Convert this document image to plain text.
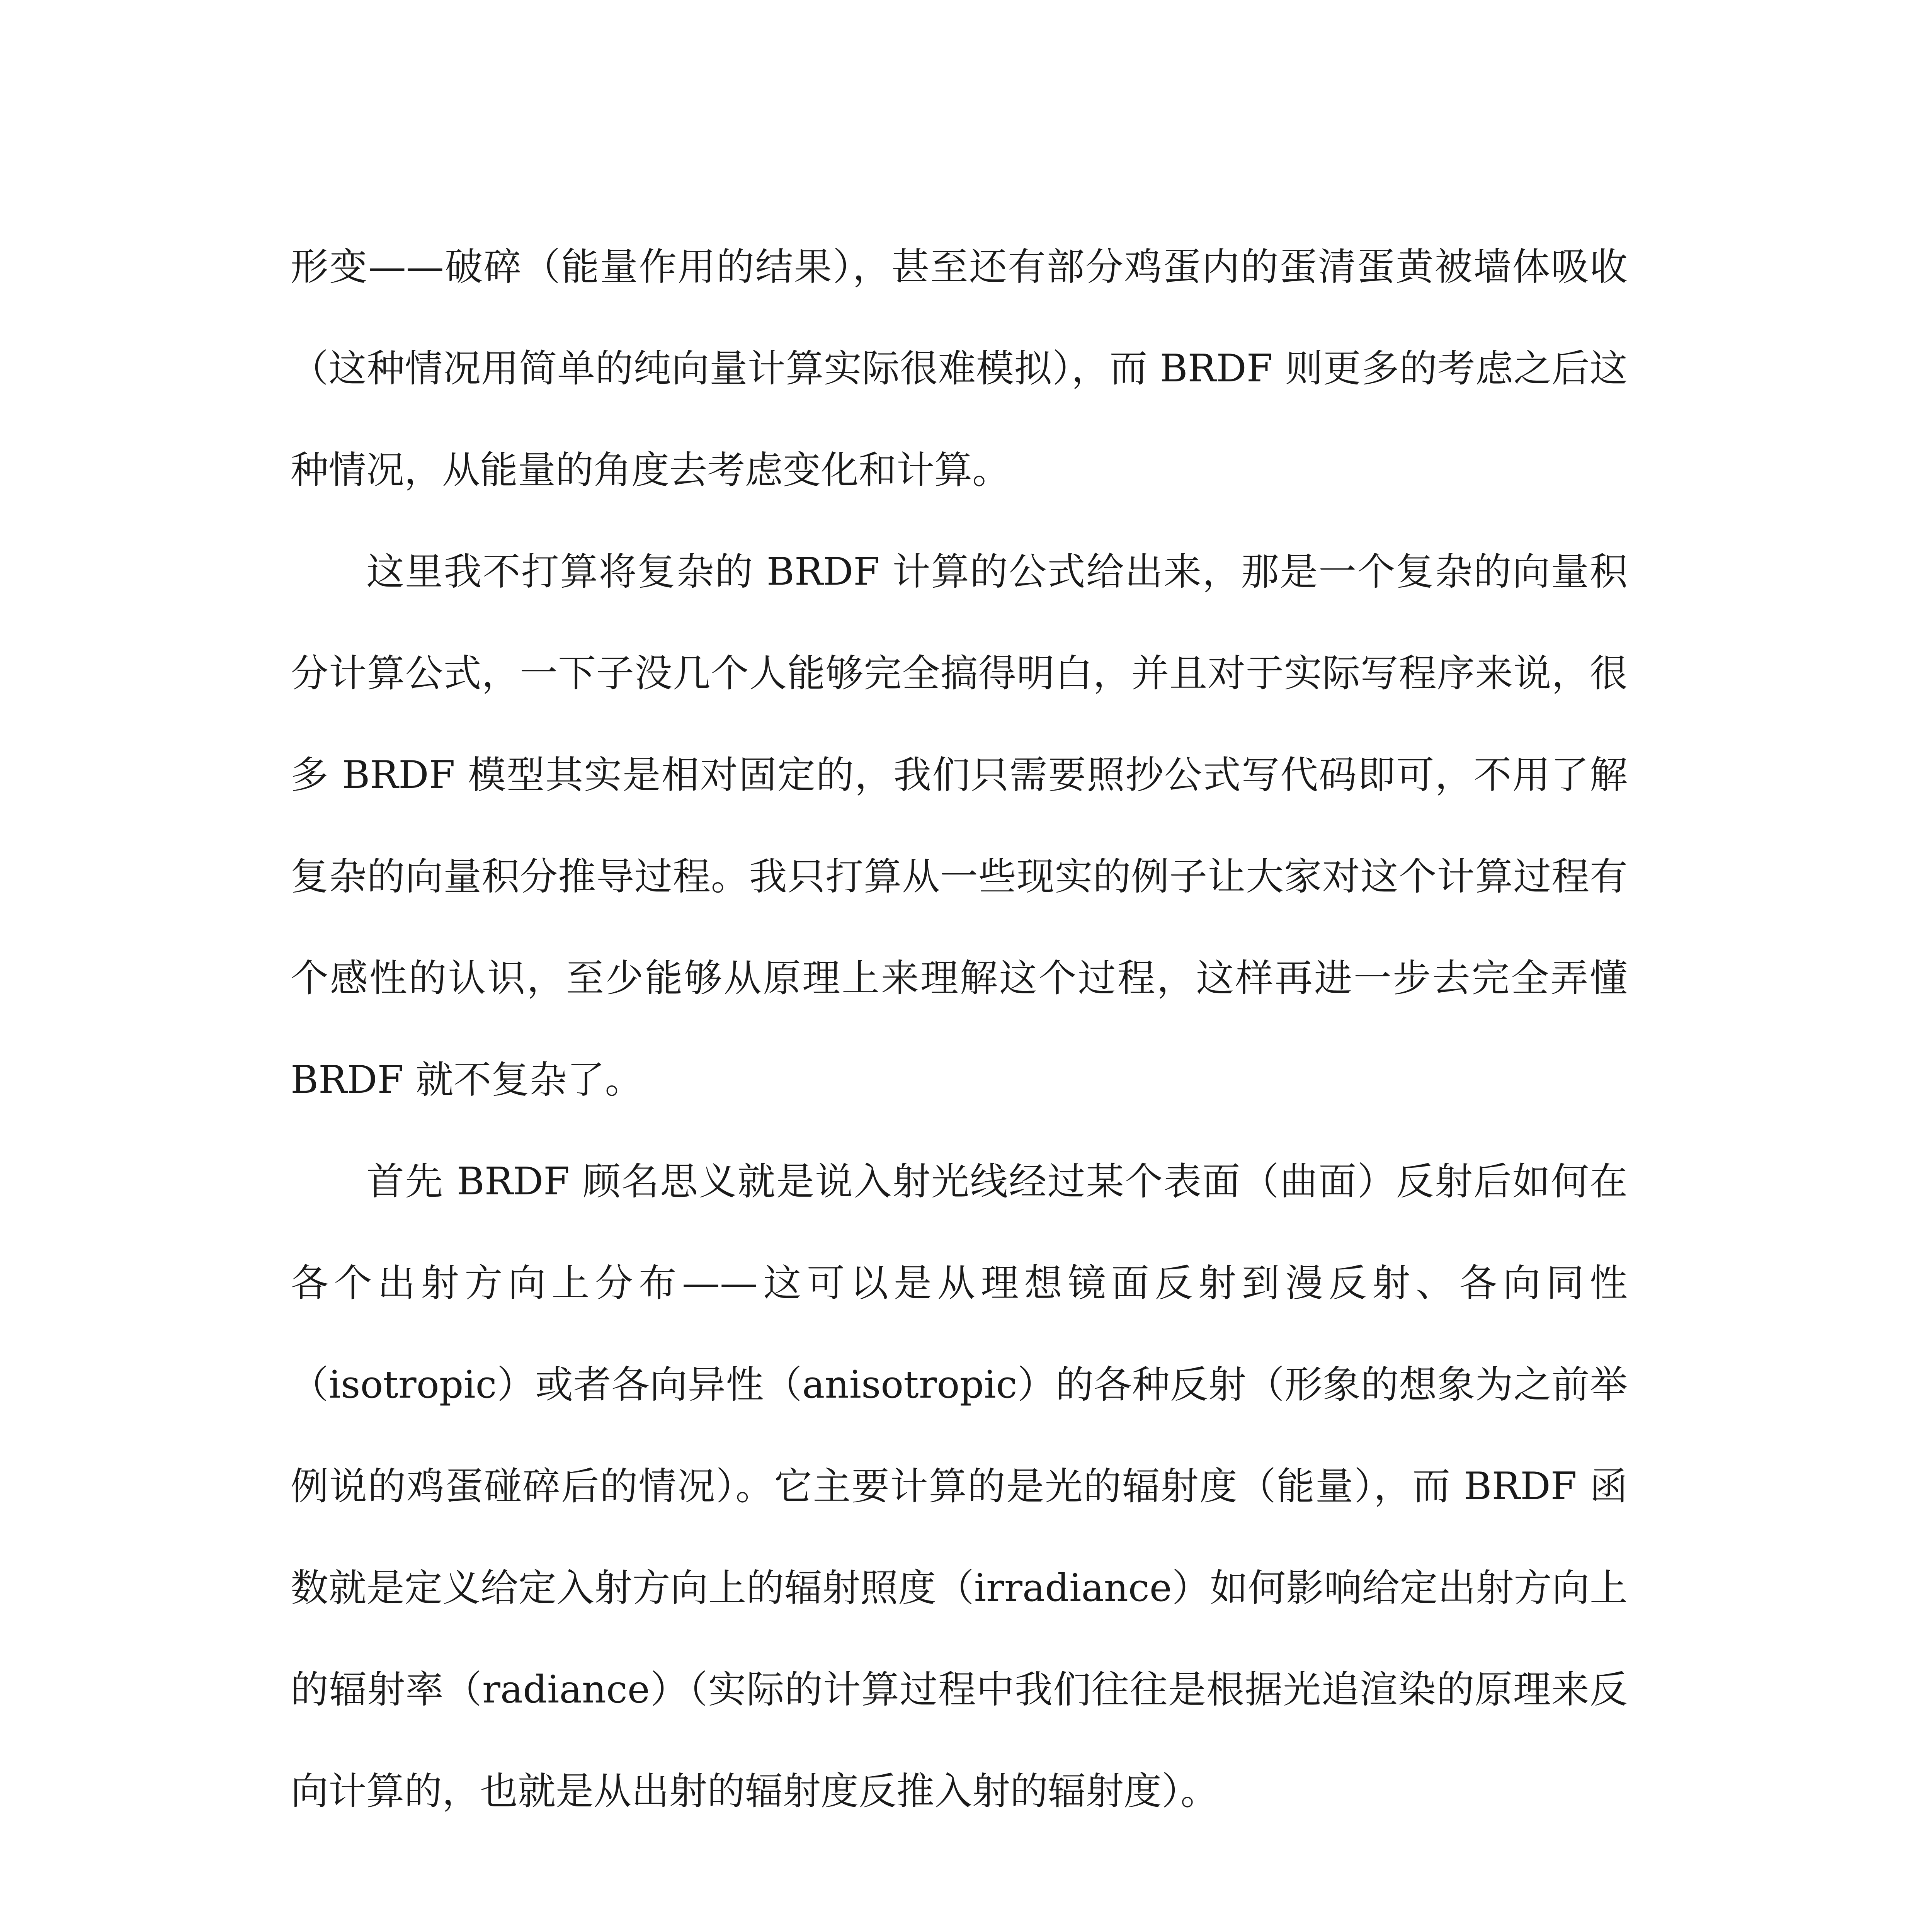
形变——破碎（能量作用的结果），甚至还有部分鸡蛋内的蛋清蛋黄被墙体吸收（这种情况用简单的纯向量计算实际很难模拟），而 BRDF 则更多的考虑之后这种情况，从能量的角度去考虑变化和计算。

这里我不打算将复杂的 BRDF 计算的公式给出来，那是一个复杂的向量积分计算公式，一下子没几个人能够完全搞得明白，并且对于实际写程序来说，很多 BRDF 模型其实是相对固定的，我们只需要照抄公式写代码即可，不用了解复杂的向量积分推导过程。我只打算从一些现实的例子让大家对这个计算过程有个感性的认识，至少能够从原理上来理解这个过程，这样再进一步去完全弄懂 BRDF 就不复杂了。

首先 BRDF 顾名思义就是说入射光线经过某个表面（曲面）反射后如何在各个出射方向上分布——这可以是从理想镜面反射到漫反射、各向同性（isotropic）或者各向异性（anisotropic）的各种反射（形象的想象为之前举例说的鸡蛋碰碎后的情况）。它主要计算的是光的辐射度（能量），而 BRDF 函数就是定义给定入射方向上的辐射照度（irradiance）如何影响给定出射方向上的辐射率（radiance）（实际的计算过程中我们往往是根据光追渲染的原理来反向计算的，也就是从出射的辐射度反推入射的辐射度）。
